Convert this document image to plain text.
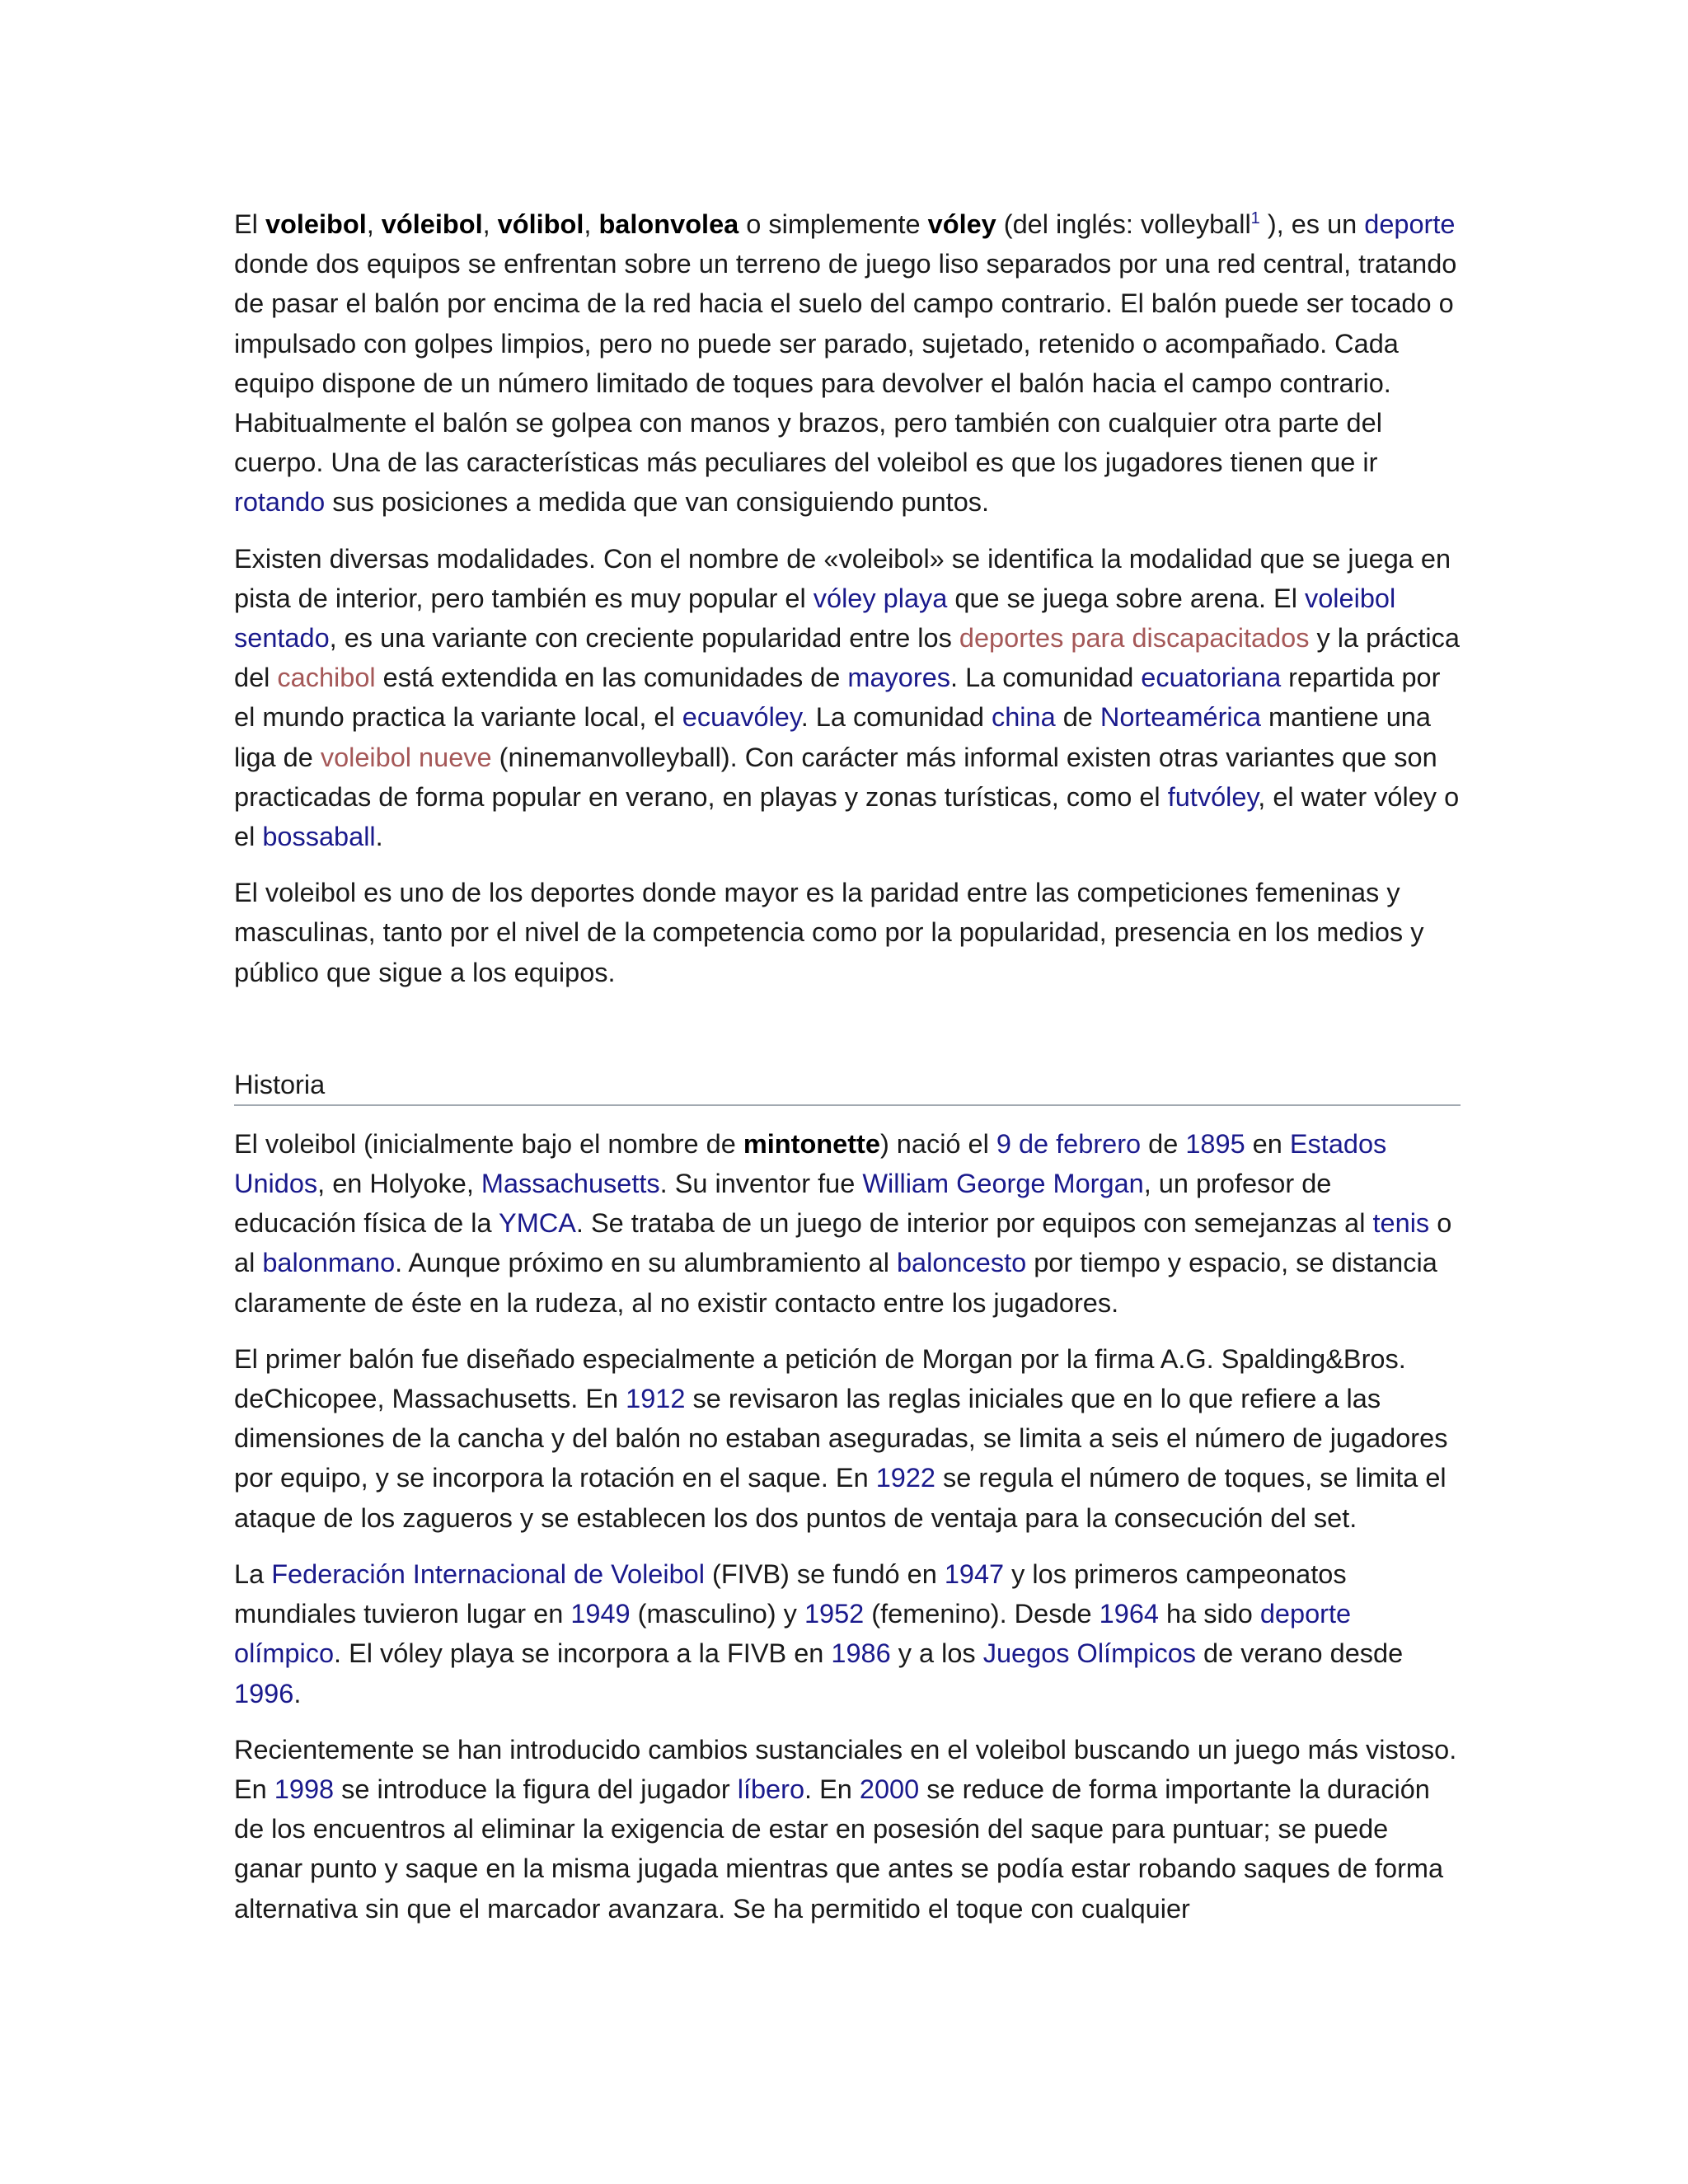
El voleibol, vóleibol, vólibol, balonvolea o simplemente vóley (del inglés: volleyball$^1$ ), es un deporte donde dos equipos se enfrentan sobre un terreno de juego liso separados por una red central, tratando de pasar el balón por encima de la red hacia el suelo del campo contrario. El balón puede ser tocado o impulsado con golpes limpios, pero no puede ser parado, sujetado, retenido o acompañado. Cada equipo dispone de un número limitado de toques para devolver el balón hacia el campo contrario. Habitualmente el balón se golpea con manos y brazos, pero también con cualquier otra parte del cuerpo. Una de las características más peculiares del voleibol es que los jugadores tienen que ir rotando sus posiciones a medida que van consiguiendo puntos.

Existen diversas modalidades. Con el nombre de «voleibol» se identifica la modalidad que se juega en pista de interior, pero también es muy popular el vóley playa que se juega sobre arena. El voleibol sentado, es una variante con creciente popularidad entre los deportes para discapacitados y la práctica del cachibol está extendida en las comunidades de mayores. La comunidad ecuatoriana repartida por el mundo practica la variante local, el ecuavóley. La comunidad china de Norteamérica mantiene una liga de voleibol nueve (ninemanvolleyball). Con carácter más informal existen otras variantes que son practicadas de forma popular en verano, en playas y zonas turísticas, como el futvóley, el water vóley o el bossaball.

El voleibol es uno de los deportes donde mayor es la paridad entre las competiciones femeninas y masculinas, tanto por el nivel de la competencia como por la popularidad, presencia en los medios y público que sigue a los equipos.

Historia

El voleibol (inicialmente bajo el nombre de mintonette) nació el 9 de febrero de 1895 en Estados Unidos, en Holyoke, Massachusetts. Su inventor fue William George Morgan, un profesor de educación física de la YMCA. Se trataba de un juego de interior por equipos con semejanzas al tenis o al balonmano. Aunque próximo en su alumbramiento al baloncesto por tiempo y espacio, se distancia claramente de éste en la rudeza, al no existir contacto entre los jugadores.

El primer balón fue diseñado especialmente a petición de Morgan por la firma A.G. Spalding&Bros. deChicopee, Massachusetts. En 1912 se revisaron las reglas iniciales que en lo que refiere a las dimensiones de la cancha y del balón no estaban aseguradas, se limita a seis el número de jugadores por equipo, y se incorpora la rotación en el saque. En 1922 se regula el número de toques, se limita el ataque de los zagueros y se establecen los dos puntos de ventaja para la consecución del set.

La Federación Internacional de Voleibol (FIVB) se fundó en 1947 y los primeros campeonatos mundiales tuvieron lugar en 1949 (masculino) y 1952 (femenino). Desde 1964 ha sido deporte olímpico. El vóley playa se incorpora a la FIVB en 1986 y a los Juegos Olímpicos de verano desde 1996.

Recientemente se han introducido cambios sustanciales en el voleibol buscando un juego más vistoso. En 1998 se introduce la figura del jugador líbero. En 2000 se reduce de forma importante la duración de los encuentros al eliminar la exigencia de estar en posesión del saque para puntuar; se puede ganar punto y saque en la misma jugada mientras que antes se podía estar robando saques de forma alternativa sin que el marcador avanzara. Se ha permitido el toque con cualquier
